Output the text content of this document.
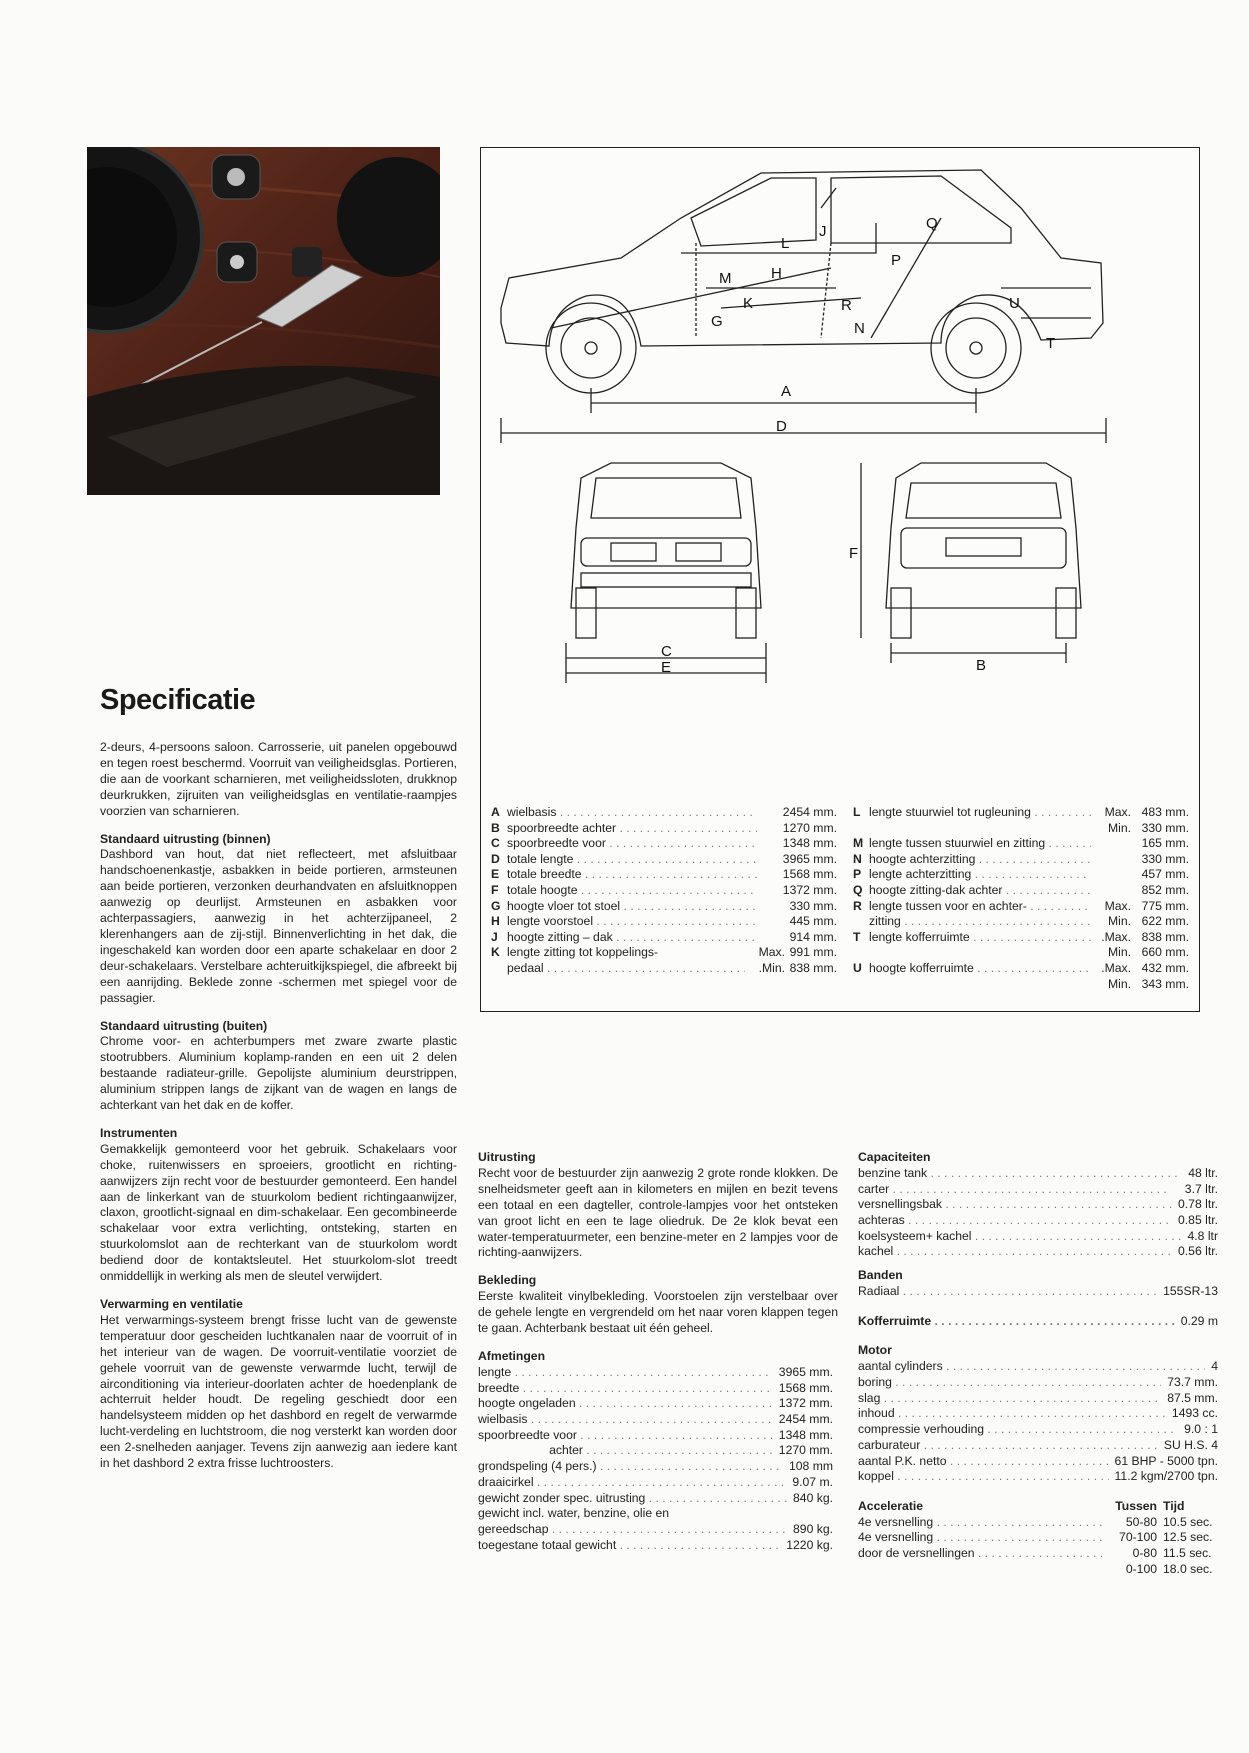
A
D
G
H
J
K
L
M
N
P
Q
R
T
U
C
E
F
B
A wielbasis . . .	2454 mm.
B spoorbreedte achter . . .	1270 mm.
C spoorbreedte voor . . .	1348 mm.
D totale lengte . . .	3965 mm.
E totale breedte . . .	1568 mm.
F totale hoogte . . .	1372 mm.
G hoogte vloer tot stoel . . .	330 mm.
H lengte voorstoel . . .	445 mm.
J hoogte zitting – dak . . .	914 mm.
K lengte zitting tot koppelings-	Max. 991 mm.
pedaal . . .	.Min. 838 mm.
L lengte stuurwiel tot rugleuning . . .	Max. 483 mm.
Min. 330 mm.
M lengte tussen stuurwiel en zitting . . .	165 mm.
N hoogte achterzitting . . .	330 mm.
P lengte achterzitting . . .	457 mm.
Q hoogte zitting-dak achter . . .	852 mm.
R lengte tussen voor en achter- . . .	Max. 775 mm.
zitting . . .	Min. 622 mm.
T lengte kofferruimte . . .	.Max. 838 mm.
Min. 660 mm.
U hoogte kofferruimte . . .	.Max. 432 mm.
Min. 343 mm.
Specificatie

2-deurs, 4-persoons saloon. Carrosserie, uit panelen opgebouwd en tegen roest beschermd. Voorruit van veiligheidsglas. Portieren, die aan de voorkant scharnieren, met veiligheidssloten, drukknop deurkrukken, zijruiten van veiligheidsglas en ventilatie-raampjes voorzien van scharnieren.

Standaard uitrusting (binnen)

Dashbord van hout, dat niet reflecteert, met afsluitbaar handschoenenkastje, asbakken in beide portieren, armsteunen aan beide portieren, verzonken deurhandvaten en afsluitknoppen aanwezig op deurlijst. Armsteunen en asbakken voor achterpassagiers, aanwezig in het achterzijpaneel, 2 klerenhangers aan de zij-stijl. Binnenverlichting in het dak, die ingeschakeld kan worden door een aparte schakelaar en door 2 deur-schakelaars. Verstelbare achteruitkijkspiegel, die afbreekt bij een aanrijding. Beklede zonne -schermen met spiegel voor de passagier.

Standaard uitrusting (buiten)

Chrome voor- en achterbumpers met zware zwarte plastic stootrubbers. Aluminium koplamp-randen en een uit 2 delen bestaande radiateur-grille. Gepolijste aluminium deurstrippen, aluminium strippen langs de zijkant van de wagen en langs de achterkant van het dak en de koffer.

Instrumenten

Gemakkelijk gemonteerd voor het gebruik. Schakelaars voor choke, ruitenwissers en sproeiers, grootlicht en richting-aanwijzers zijn recht voor de bestuurder gemonteerd. Een handel aan de linkerkant van de stuurkolom bedient richtingaanwijzer, claxon, grootlicht-signaal en dim-schakelaar. Een gecombineerde schakelaar voor extra verlichting, ontsteking, starten en stuurkolomslot aan de rechterkant van de stuurkolom wordt bediend door de kontaktsleutel. Het stuurkolom-slot treedt onmiddellijk in werking als men de sleutel verwijdert.

Verwarming en ventilatie

Het verwarmings-systeem brengt frisse lucht van de gewenste temperatuur door gescheiden luchtkanalen naar de voorruit of in het interieur van de wagen. De voorruit-ventilatie voorziet de gehele voorruit van de gewenste verwarmde lucht, terwijl de airconditioning via interieur-doorlaten achter de hoedenplank de achterruit helder houdt. De regeling geschiedt door een handelsysteem midden op het dashbord en regelt de verwarmde lucht-verdeling en luchtstroom, die nog versterkt kan worden door een 2-snelheden aanjager. Tevens zijn aanwezig aan iedere kant in het dashbord 2 extra frisse luchtroosters.

Uitrusting

Recht voor de bestuurder zijn aanwezig 2 grote ronde klokken. De snelheidsmeter geeft aan in kilometers en mijlen en bezit tevens een totaal en een dagteller, controle-lampjes voor het ontsteken van groot licht en een te lage oliedruk. De 2e klok bevat een water-temperatuurmeter, een benzine-meter en 2 lampjes voor de richting-aanwijzers.

Bekleding

Eerste kwaliteit vinylbekleding. Voorstoelen zijn verstelbaar over de gehele lengte en vergrendeld om het naar voren klappen tegen te gaan. Achterbank bestaat uit één geheel.

Afmetingen
lengte . . .	3965 mm.
breedte . . .	1568 mm.
hoogte ongeladen . . .	1372 mm.
wielbasis . . .	2454 mm.
spoorbreedte voor . . .	1348 mm.
achter . . .	1270 mm.
grondspeling (4 pers.) . . .	108 mm
draaicirkel . . .	9.07 m.
gewicht zonder spec. uitrusting . . .	840 kg.
gewicht incl. water, benzine, olie en
gereedschap . . .	890 kg.
toegestane totaal gewicht . . .	1220 kg.
Capaciteiten
benzine tank . . .	48 ltr.
carter . . .	3.7 ltr.
versnellingsbak . . .	0.78 ltr.
achteras . . .	0.85 ltr.
koelsysteem+ kachel . . .	4.8 ltr
kachel . . .	0.56 ltr.
Banden
Radiaal . . .	155SR-13
Kofferruimte . . .	0.29 m
Motor
aantal cylinders . . .	4
boring . . .	73.7 mm.
slag . . .	87.5 mm.
inhoud . . .	1493 cc.
compressie verhouding . . .	9.0 : 1
carburateur . . .	SU H.S. 4
aantal P.K. netto . . .	61 BHP - 5000 tpn.
koppel . . .	11.2 kgm/2700 tpn.
Acceleratie	Tussen Tijd
4e versnelling . . .	50-80 10.5 sec.
4e versnelling . . .	70-100 12.5 sec.
door de versnellingen . . .	0-80 11.5 sec.
0-100 18.0 sec.
